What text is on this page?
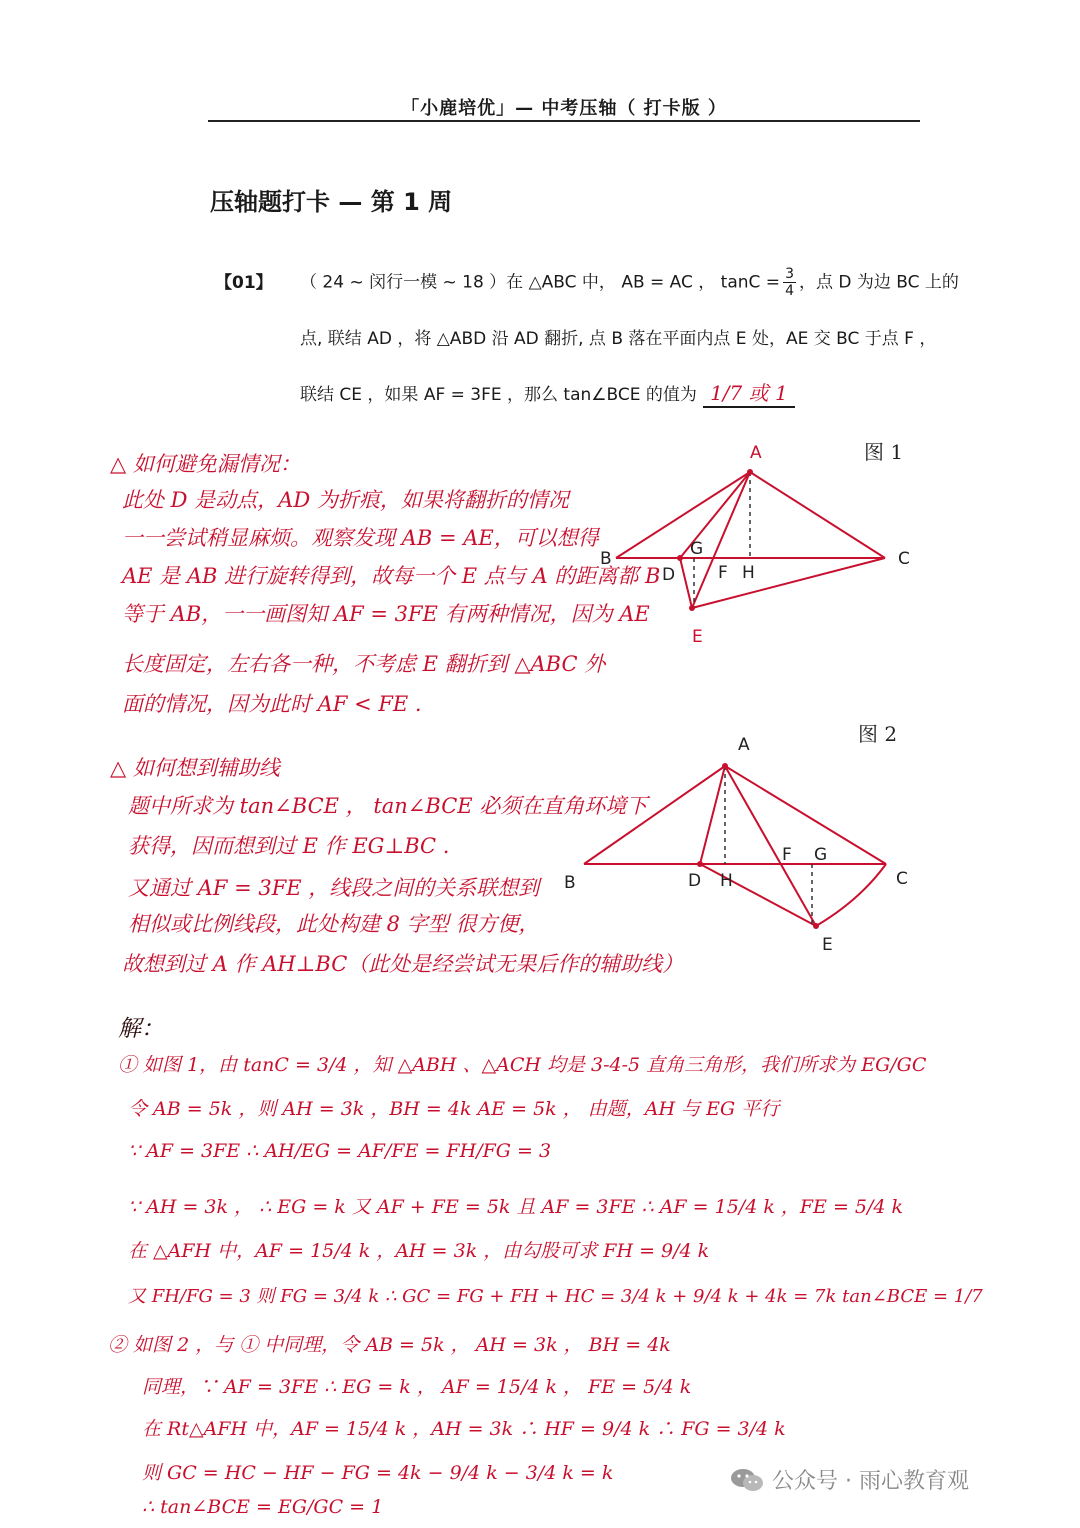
「小鹿培优」— 中考压轴（ 打卡版 ）
压轴题打卡 — 第 1 周
【01】 （ 24 ~ 闵行一模 ~ 18 ）在 △ABC 中， AB = AC ， $\tan C = \frac{3}{4}$ ，点 D 为边 BC 上的
点, 联结 AD ，将 △ABD 沿 AD 翻折, 点 B 落在平面内点 E 处，AE 交 BC 于点 F ，
联结 CE ，如果 AF = 3FE ，那么 tan∠BCE 的值为 1/7 或 1
△ 如何避免漏情况：
此处 D 是动点，AD 为折痕，如果将翻折的情况
一一尝试稍显麻烦。观察发现 AB = AE，可以想得
AE 是 AB 进行旋转得到，故每一个 E 点与 A 的距离都 B
等于 AB，一一画图知 AF = 3FE 有两种情况，因为 AE
长度固定，左右各一种，不考虑 E 翻折到 △ABC 外
面的情况，因为此时 AF < FE .
图 1
A
B	C
D
E
F
G
H
△ 如何想到辅助线
题中所求为 tan∠BCE ， tan∠BCE 必须在直角环境下
获得，因而想到过 E 作 EG⊥BC .
又通过 AF = 3FE ，线段之间的关系联想到
相似或比例线段，此处构建 8 字型 很方便，
故想到过 A 作 AH⊥BC（此处是经尝试无果后作的辅助线）
图 2
A
B	C
D
E
F G
H
解：
① 如图 1，由 tanC = 3/4 ，知 △ABH 、△ACH 均是 3-4-5 直角三角形，我们所求为 EG/GC
令 AB = 5k ，则 AH = 3k ，BH = 4k AE = 5k ， 由题，AH 与 EG 平行
∵ AF = 3FE ∴ AH/EG = AF/FE = FH/FG = 3
∵ AH = 3k ， ∴ EG = k 又 AF + FE = 5k 且 AF = 3FE ∴ AF = 15/4 k ，FE = 5/4 k
在 △AFH 中，AF = 15/4 k ，AH = 3k ，由勾股可求 FH = 9/4 k
又 FH/FG = 3 则 FG = 3/4 k ∴ GC = FG + FH + HC = 3/4 k + 9/4 k + 4k = 7k tan∠BCE = 1/7
② 如图 2 ，与 ① 中同理，令 AB = 5k ， AH = 3k ， BH = 4k
同理，∵ AF = 3FE ∴ EG = k ， AF = 15/4 k ， FE = 5/4 k
在 Rt△AFH 中，AF = 15/4 k ，AH = 3k ∴ HF = 9/4 k ∴ FG = 3/4 k
则 GC = HC − HF − FG = 4k − 9/4 k − 3/4 k = k
∴ tan∠BCE = EG/GC = 1
公众号 · 雨心教育观
